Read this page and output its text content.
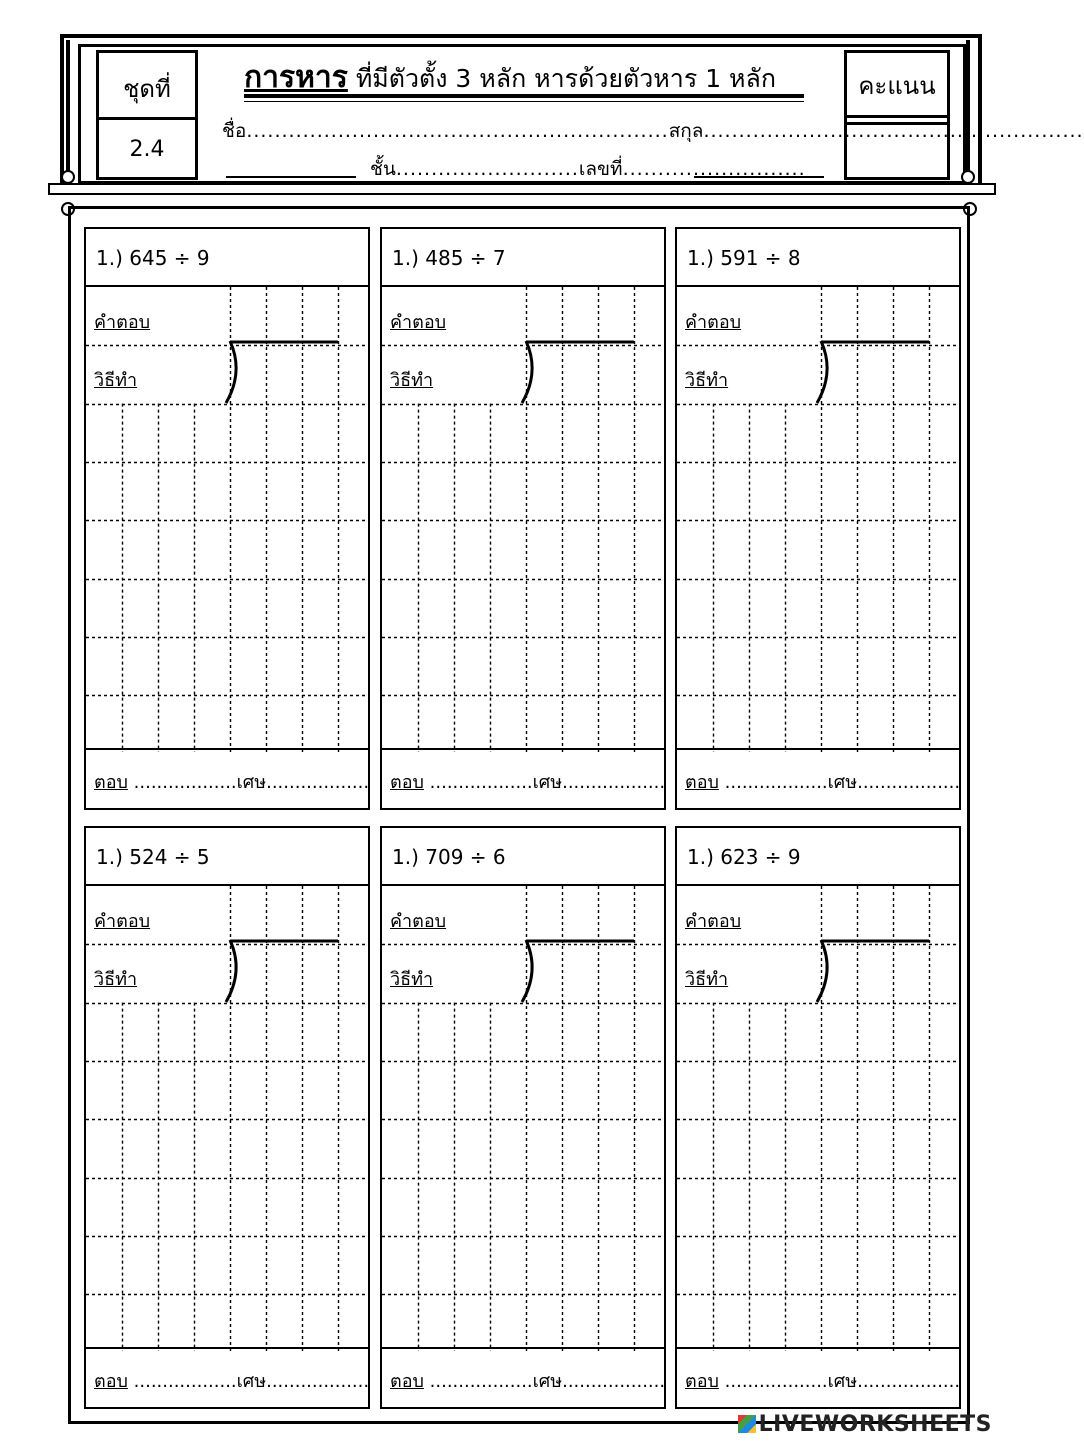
ชุดที่
2.4
การหาร ที่มีตัวตั้ง 3 หลัก หารด้วยตัวหาร 1 หลัก
ชื่อ............................................................สกุล......................................................
ชั้น..........................เลขที่..........................
คะแนน
1.) 645 ÷ 9
คำตอบ
วิธีทำ
ตอบ ..................เศษ..................
1.) 485 ÷ 7
คำตอบ
วิธีทำ
ตอบ ..................เศษ..................
1.) 591 ÷ 8
คำตอบ
วิธีทำ
ตอบ ..................เศษ..................
1.) 524 ÷ 5
คำตอบ
วิธีทำ
ตอบ ..................เศษ..................
1.) 709 ÷ 6
คำตอบ
วิธีทำ
ตอบ ..................เศษ..................
1.) 623 ÷ 9
คำตอบ
วิธีทำ
ตอบ ..................เศษ..................
LIVEWORKSHEETS
